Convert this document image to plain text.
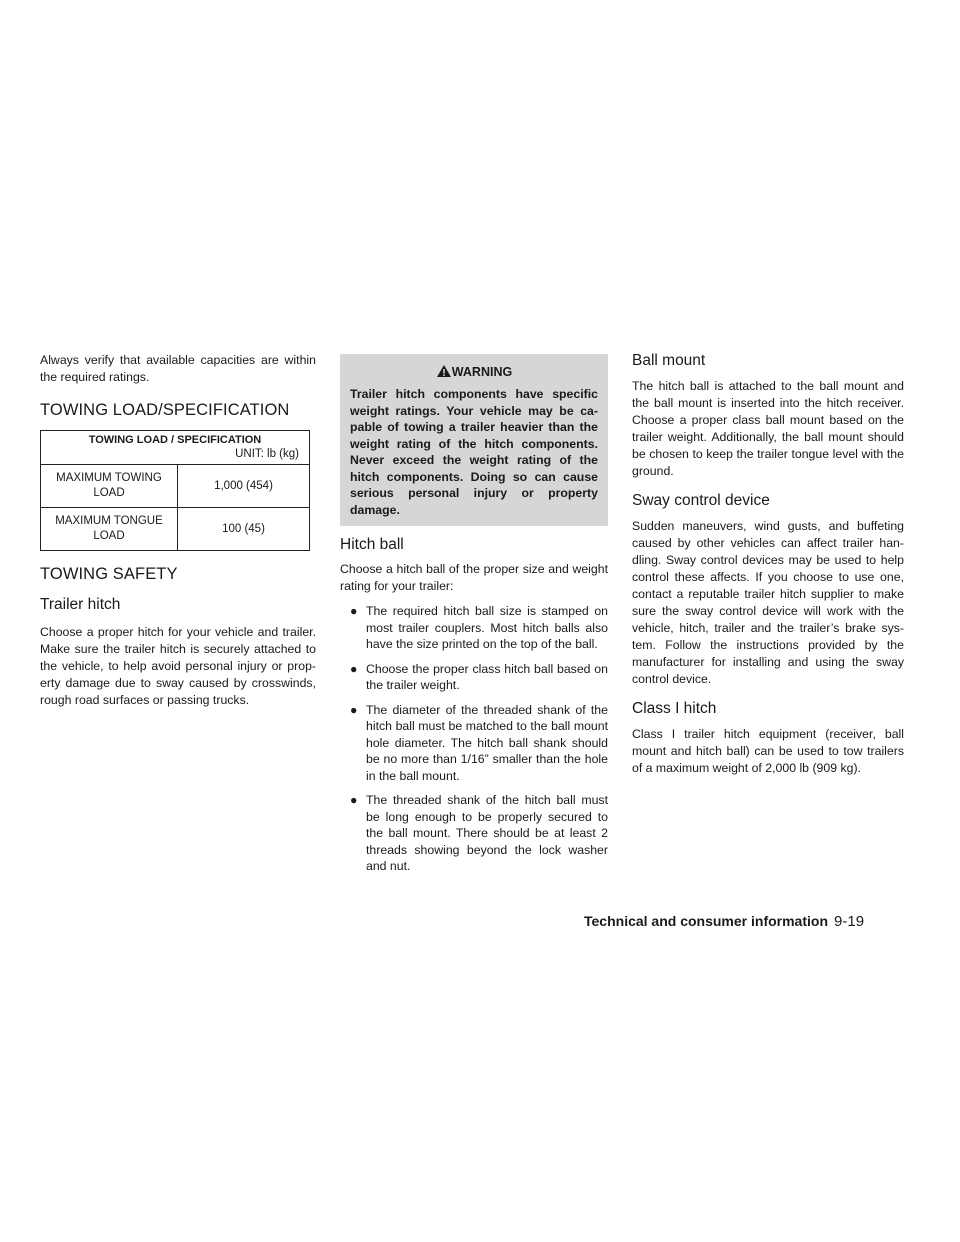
Always verify that available capacities are within the required ratings.

TOWING LOAD/SPECIFICATION
TOWING LOAD / SPECIFICATION	
UNIT: lb (kg)	
MAXIMUM TOWING LOAD	1,000 (454)
MAXIMUM TONGUE LOAD	100 (45)
TOWING SAFETY
Trailer hitch

Choose a proper hitch for your vehicle and trailer. Make sure the trailer hitch is securely attached to the vehicle, to help avoid personal injury or prop- erty damage due to sway caused by crosswinds, rough road surfaces or passing trucks.

WARNING
Trailer hitch components have specific weight ratings. Your vehicle may be ca- pable of towing a trailer heavier than the weight rating of the hitch components. Never exceed the weight rating of the hitch components. Doing so can cause serious personal injury or property damage.
Hitch ball

Choose a hitch ball of the proper size and weight rating for your trailer:

● The required hitch ball size is stamped on most trailer couplers. Most hitch balls also have the size printed on the top of the ball.
● Choose the proper class hitch ball based on the trailer weight.
● The diameter of the threaded shank of the hitch ball must be matched to the ball mount hole diameter. The hitch ball shank should be no more than 1/16” smaller than the hole in the ball mount.
● The threaded shank of the hitch ball must be long enough to be properly secured to the ball mount. There should be at least 2 threads showing beyond the lock washer and nut.
Ball mount

The hitch ball is attached to the ball mount and the ball mount is inserted into the hitch receiver. Choose a proper class ball mount based on the trailer weight. Additionally, the ball mount should be chosen to keep the trailer tongue level with the ground.

Sway control device

Sudden maneuvers, wind gusts, and buffeting caused by other vehicles can affect trailer han- dling. Sway control devices may be used to help control these affects. If you choose to use one, contact a reputable trailer hitch supplier to make sure the sway control device will work with the vehicle, hitch, trailer and the trailer’s brake sys- tem. Follow the instructions provided by the manufacturer for installing and using the sway control device.

Class I hitch

Class I trailer hitch equipment (receiver, ball mount and hitch ball) can be used to tow trailers of a maximum weight of 2,000 lb (909 kg).

Technical and consumer information 9-19
